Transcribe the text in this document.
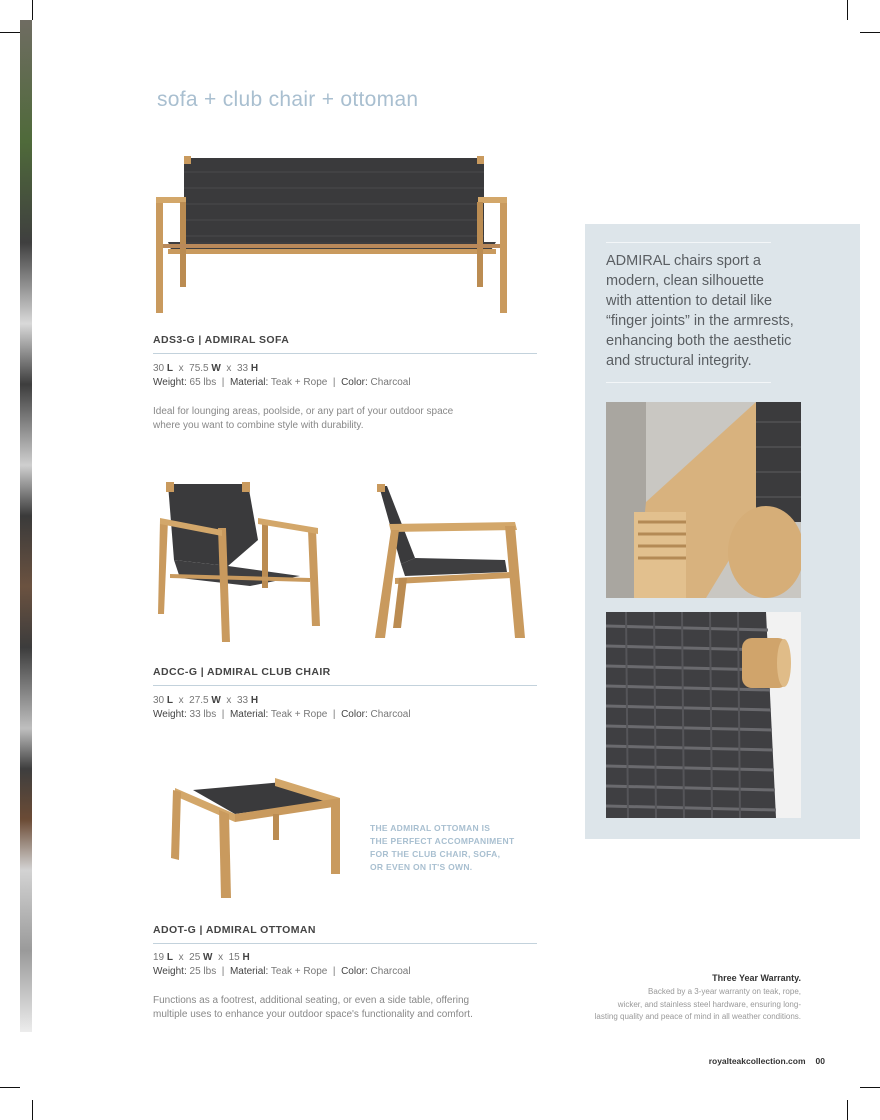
sofa + club chair + ottoman
ADS3-G | ADMIRAL SOFA
30 L x 75.5 W x 33 H
Weight: 65 lbs | Material: Teak + Rope | Color: Charcoal
Ideal for lounging areas, poolside, or any part of your outdoor space
where you want to combine style with durability.
ADCC-G | ADMIRAL CLUB CHAIR
30 L x 27.5 W x 33 H
Weight: 33 lbs | Material: Teak + Rope | Color: Charcoal
THE ADMIRAL OTTOMAN IS
THE PERFECT ACCOMPANIMENT
FOR THE CLUB CHAIR, SOFA,
OR EVEN ON IT'S OWN.
ADOT-G | ADMIRAL OTTOMAN
19 L x 25 W x 15 H
Weight: 25 lbs | Material: Teak + Rope | Color: Charcoal
Functions as a footrest, additional seating, or even a side table, offering
multiple uses to enhance your outdoor space's functionality and comfort.
ADMIRAL chairs sport a
modern, clean silhouette
with attention to detail like
“finger joints” in the armrests,
enhancing both the aesthetic
and structural integrity.
Three Year Warranty.
Backed by a 3-year warranty on teak, rope,
wicker, and stainless steel hardware, ensuring long-
lasting quality and peace of mind in all weather conditions.
royalteakcollection.com 00
